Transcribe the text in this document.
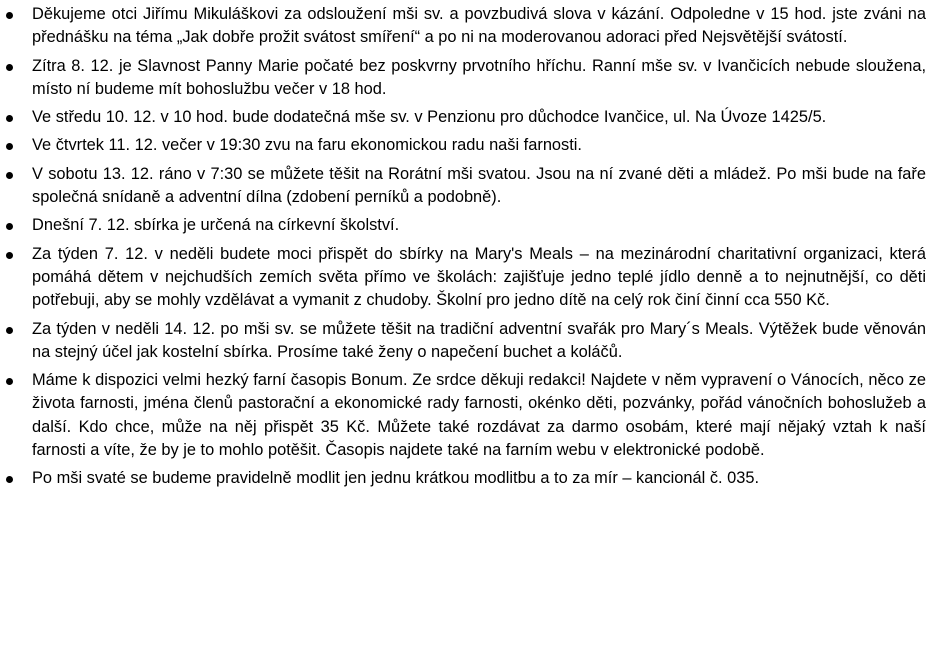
Děkujeme otci Jiřímu Mikuláškovi za odsloužení mši sv. a povzbudivá slova v kázání. Odpoledne v 15 hod. jste zváni na přednášku na téma „Jak dobře prožit svátost smíření“ a po ni na moderovanou adoraci před Nejsvětější svátostí.
Zítra 8. 12. je Slavnost Panny Marie počaté bez poskvrny prvotního hříchu. Ranní mše sv. v Ivančicích nebude sloužena, místo ní budeme mít bohoslužbu večer v 18 hod.
Ve středu 10. 12. v 10 hod. bude dodatečná mše sv. v Penzionu pro důchodce Ivančice, ul. Na Úvoze 1425/5.
Ve čtvrtek 11. 12. večer v 19:30 zvu na faru ekonomickou radu naši farnosti.
V sobotu 13. 12. ráno v 7:30 se můžete těšit na Rorátní mši svatou. Jsou na ní zvané děti a mládež. Po mši bude na faře společná snídaně a adventní dílna (zdobení perníků a podobně).
Dnešní 7. 12. sbírka je určená na církevní školství.
Za týden 7. 12. v neděli budete moci přispět do sbírky na Mary's Meals – na mezinárodní charitativní organizaci, která pomáhá dětem v nejchudších zemích světa přímo ve školách: zajišťuje jedno teplé jídlo denně a to nejnutnější, co děti potřebuji, aby se mohly vzdělávat a vymanit z chudoby. Školní pro jedno dítě na celý rok činí činní cca 550 Kč.
Za týden v neděli 14. 12. po mši sv. se můžete těšit na tradiční adventní svařák pro Mary´s Meals. Výtěžek bude věnován na stejný účel jak kostelní sbírka. Prosíme také ženy o napečení buchet a koláčů.
Máme k dispozici velmi hezký farní časopis Bonum. Ze srdce děkuji redakci! Najdete v něm vypravení o Vánocích, něco ze života farnosti, jména členů pastorační a ekonomické rady farnosti, okénko děti, pozvánky, pořád vánočních bohoslužeb a další. Kdo chce, může na něj přispět 35 Kč. Můžete také rozdávat za darmo osobám, které mají nějaký vztah k naší farnosti a víte, že by je to mohlo potěšit. Časopis najdete také na farním webu v elektronické podobě.
Po mši svaté se budeme pravidelně modlit jen jednu krátkou modlitbu a to za mír – kancionál č. 035.
